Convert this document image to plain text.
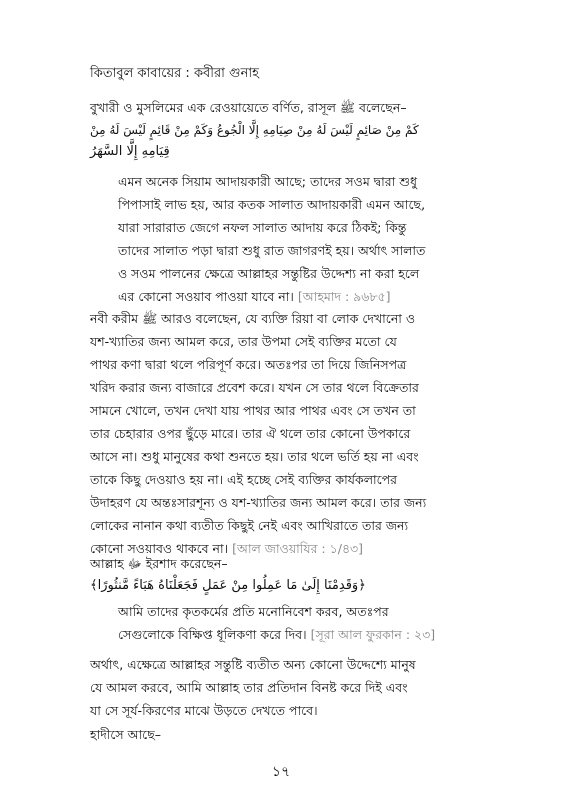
কিতাবুল কাবায়ের : কবীরা গুনাহ
বুখারী ও মুসলিমের এক রেওয়ায়েতে বর্ণিত, রাসূল ﷺ বলেছেন–
كَمْ مِنْ صَائِمٍ لَيْسَ لَهُ مِنْ صِيَامِهِ إِلَّا الْجُوعُ وَكَمْ مِنْ قَائِمٍ لَيْسَ لَهُ مِنْ
قِيَامِهِ إِلَّا السَّهَرُ
এমন অনেক সিয়াম আদায়কারী আছে; তাদের সওম দ্বারা শুধু
পিপাসাই লাভ হয়, আর কতক সালাত আদায়কারী এমন আছে,
যারা সারারাত জেগে নফল সালাত আদায় করে ঠিকই; কিন্তু
তাদের সালাত পড়া দ্বারা শুধু রাত জাগরণই হয়। অর্থাৎ সালাত
ও সওম পালনের ক্ষেত্রে আল্লাহর সন্তুষ্টির উদ্দেশ্য না করা হলে
এর কোনো সওয়াব পাওয়া যাবে না। [আহমাদ : ৯৬৮৫]
নবী করীম ﷺ আরও বলেছেন, যে ব্যক্তি রিয়া বা লোক দেখানো ও
যশ-খ্যাতির জন্য আমল করে, তার উপমা সেই ব্যক্তির মতো যে
পাথর কণা দ্বারা থলে পরিপূর্ণ করে। অতঃপর তা দিয়ে জিনিসপত্র
খরিদ করার জন্য বাজারে প্রবেশ করে। যখন সে তার থলে বিক্রেতার
সামনে খোলে, তখন দেখা যায় পাথর আর পাথর এবং সে তখন তা
তার চেহারার ওপর ছুঁড়ে মারে। তার ঐ থলে তার কোনো উপকারে
আসে না। শুধু মানুষের কথা শুনতে হয়। তার থলে ভর্তি হয় না এবং
তাকে কিছু দেওয়াও হয় না। এই হচ্ছে সেই ব্যক্তির কার্যকলাপের
উদাহরণ যে অন্তঃসারশূন্য ও যশ-খ্যাতির জন্য আমল করে। তার জন্য
লোকের নানান কথা ব্যতীত কিছুই নেই এবং আখিরাতে তার জন্য
কোনো সওয়াবও থাকবে না। [আল জাওয়াযির : ১/৪৩]
আল্লাহ ﷻ ইরশাদ করেছেন–
﴿وَقَدِمْنَا إِلَىٰ مَا عَمِلُوا مِنْ عَمَلٍ فَجَعَلْنَاهُ هَبَاءً مَّنثُورًا﴾
আমি তাদের কৃতকর্মের প্রতি মনোনিবেশ করব, অতঃপর
সেগুলোকে বিক্ষিপ্ত ধূলিকণা করে দিব। [সূরা আল ফুরকান : ২৩]
অর্থাৎ, এক্ষেত্রে আল্লাহর সন্তুষ্টি ব্যতীত অন্য কোনো উদ্দেশ্যে মানুষ
যে আমল করবে, আমি আল্লাহ তার প্রতিদান বিনষ্ট করে দিই এবং
যা সে সূর্য-কিরণের মাঝে উড়তে দেখতে পাবে।
হাদীসে আছে–
১৭
